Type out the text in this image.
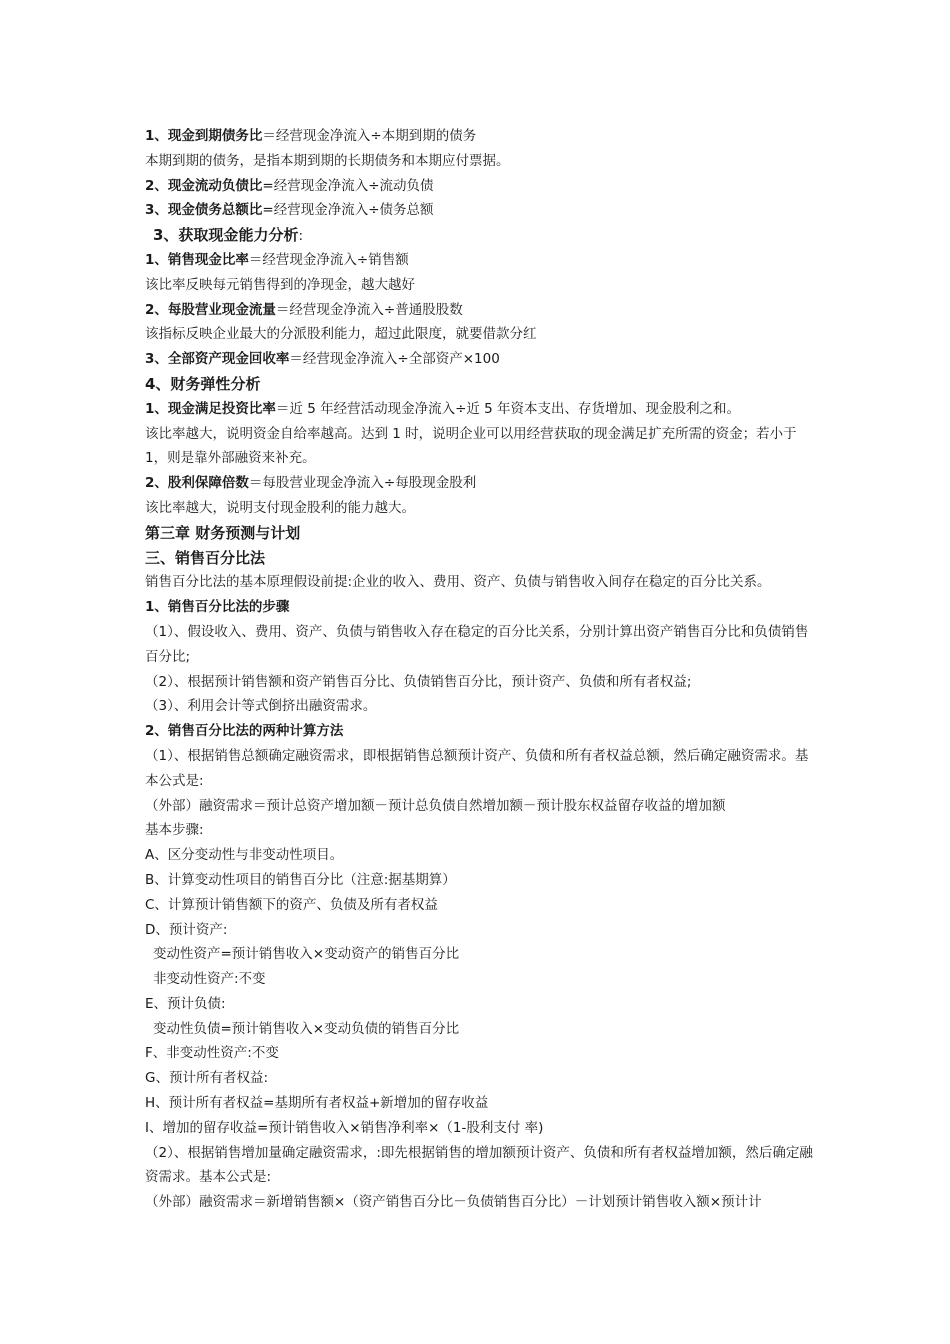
1、现金到期债务比＝经营现金净流入÷本期到期的债务
本期到期的债务，是指本期到期的长期债务和本期应付票据。
2、现金流动负债比=经营现金净流入÷流动负债
3、现金债务总额比=经营现金净流入÷债务总额
3、获取现金能力分析:
1、销售现金比率＝经营现金净流入÷销售额
该比率反映每元销售得到的净现金，越大越好
2、每股营业现金流量＝经营现金净流入÷普通股股数
该指标反映企业最大的分派股利能力，超过此限度，就要借款分红
3、全部资产现金回收率＝经营现金净流入÷全部资产×100
4、财务弹性分析
1、现金满足投资比率＝近 5 年经营活动现金净流入÷近 5 年资本支出、存货增加、现金股利之和。
该比率越大，说明资金自给率越高。达到 1 时，说明企业可以用经营获取的现金满足扩充所需的资金；若小于 1，则是靠外部融资来补充。
2、股利保障倍数＝每股营业现金净流入÷每股现金股利
该比率越大，说明支付现金股利的能力越大。
第三章 财务预测与计划
三、销售百分比法
销售百分比法的基本原理假设前提:企业的收入、费用、资产、负债与销售收入间存在稳定的百分比关系。
1、销售百分比法的步骤
（1）、假设收入、费用、资产、负债与销售收入存在稳定的百分比关系，分别计算出资产销售百分比和负债销售百分比;
（2）、根据预计销售额和资产销售百分比、负债销售百分比，预计资产、负债和所有者权益;
（3）、利用会计等式倒挤出融资需求。
2、销售百分比法的两种计算方法
（1）、根据销售总额确定融资需求，即根据销售总额预计资产、负债和所有者权益总额，然后确定融资需求。基本公式是:
（外部）融资需求＝预计总资产增加额－预计总负债自然增加额－预计股东权益留存收益的增加额
基本步骤:
A、区分变动性与非变动性项目。
B、计算变动性项目的销售百分比（注意:据基期算）
C、计算预计销售额下的资产、负债及所有者权益
D、预计资产:
变动性资产=预计销售收入×变动资产的销售百分比
非变动性资产:不变
E、预计负债:
变动性负债=预计销售收入×变动负债的销售百分比
F、非变动性资产:不变
G、预计所有者权益:
H、预计所有者权益=基期所有者权益+新增加的留存收益
I、增加的留存收益=预计销售收入×销售净利率×（1-股利支付 率)
（2）、根据销售增加量确定融资需求，:即先根据销售的增加额预计资产、负债和所有者权益增加额，然后确定融资需求。基本公式是:
（外部）融资需求＝新增销售额×（资产销售百分比－负债销售百分比）－计划预计销售收入额×预计计
